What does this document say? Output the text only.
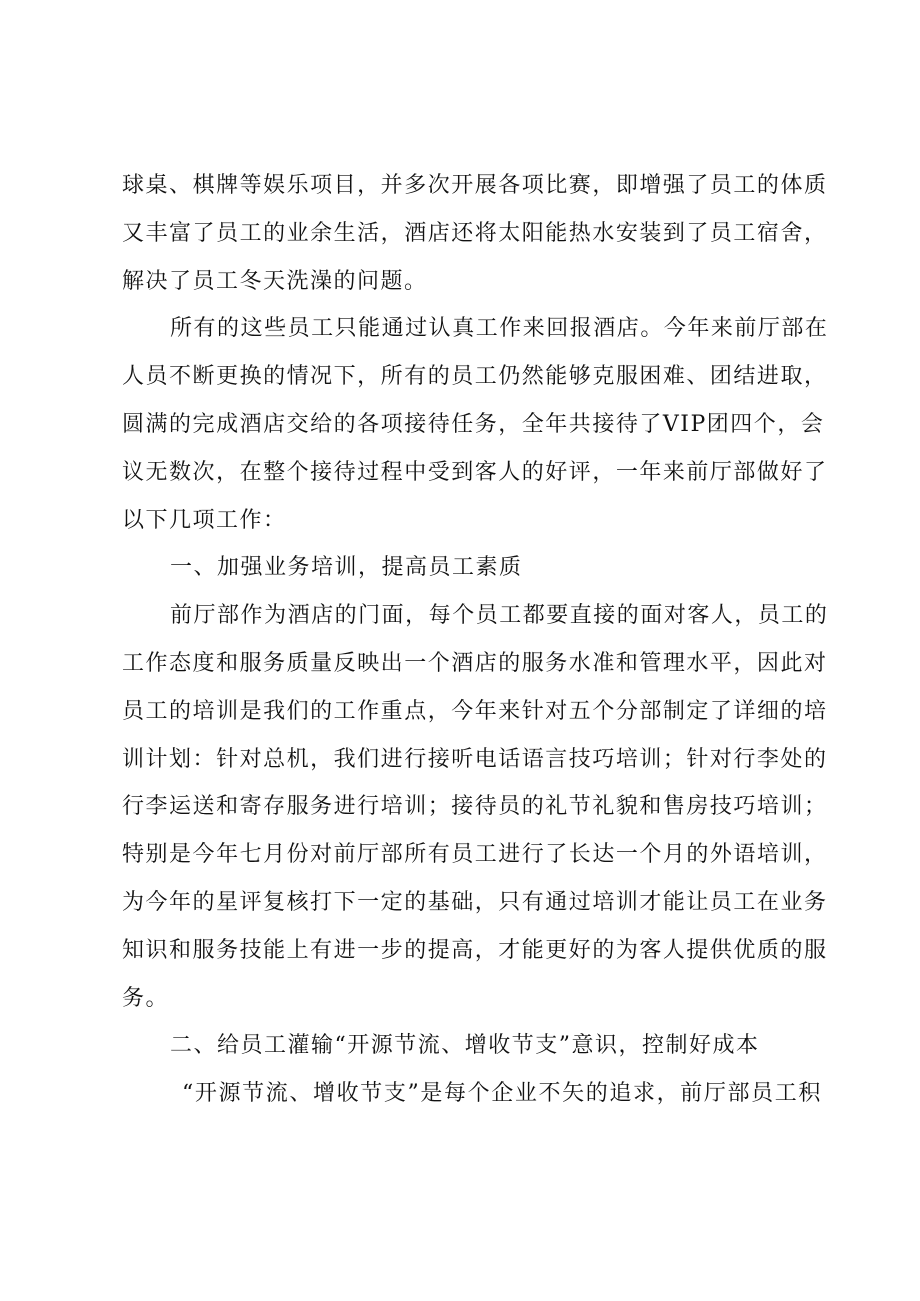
球 桌 、 棋 牌 等 娱 乐 项 目 ， 并 多 次 开 展 各 项 比 赛 ， 即 增 强 了 员 工 的 体 质
又 丰 富 了 员 工 的 业 余 生 活 ， 酒 店 还 将 太 阳 能 热 水 安 装 到 了 员 工 宿 舍 ，
解决了员工冬天洗澡的问题。
所 有 的 这 些 员 工 只 能 通 过 认 真 工 作 来 回 报 酒 店 。 今 年 来 前 厅 部 在
人 员 不 断 更 换 的 情 况 下 ， 所 有 的 员 工 仍 然 能 够 克 服 困 难 、 团 结 进 取 ，
圆 满 的 完 成 酒 店 交 给 的 各 项 接 待 任 务 ， 全 年 共 接 待 了 V I P 团 四 个 ， 会
议 无 数 次 ， 在 整 个 接 待 过 程 中 受 到 客 人 的 好 评 ， 一 年 来 前 厅 部 做 好 了
以下几项工作：
一、加强业务培训，提高员工素质
前 厅 部 作 为 酒 店 的 门 面 ， 每 个 员 工 都 要 直 接 的 面 对 客 人 ， 员 工 的
工 作 态 度 和 服 务 质 量 反 映 出 一 个 酒 店 的 服 务 水 准 和 管 理 水 平 ， 因 此 对
员 工 的 培 训 是 我 们 的 工 作 重 点 ， 今 年 来 针 对 五 个 分 部 制 定 了 详 细 的 培
训 计 划 ： 针 对 总 机 ， 我 们 进 行 接 听 电 话 语 言 技 巧 培 训 ； 针 对 行 李 处 的
行 李 运 送 和 寄 存 服 务 进 行 培 训 ； 接 待 员 的 礼 节 礼 貌 和 售 房 技 巧 培 训 ；
特 别 是 今 年 七 月 份 对 前 厅 部 所 有 员 工 进 行 了 长 达 一 个 月 的 外 语 培 训 ，
为 今 年 的 星 评 复 核 打 下 一 定 的 基 础 ， 只 有 通 过 培 训 才 能 让 员 工 在 业 务
知 识 和 服 务 技 能 上 有 进 一 步 的 提 高 ， 才 能 更 好 的 为 客 人 提 供 优 质 的 服
务。
二、给员工灌输“开源节流、增收节支”意识，控制好成本
“ 开 源 节 流 、 增 收 节 支 ” 是 每 个 企 业 不 矢 的 追 求 ， 前 厅 部 员 工 积
